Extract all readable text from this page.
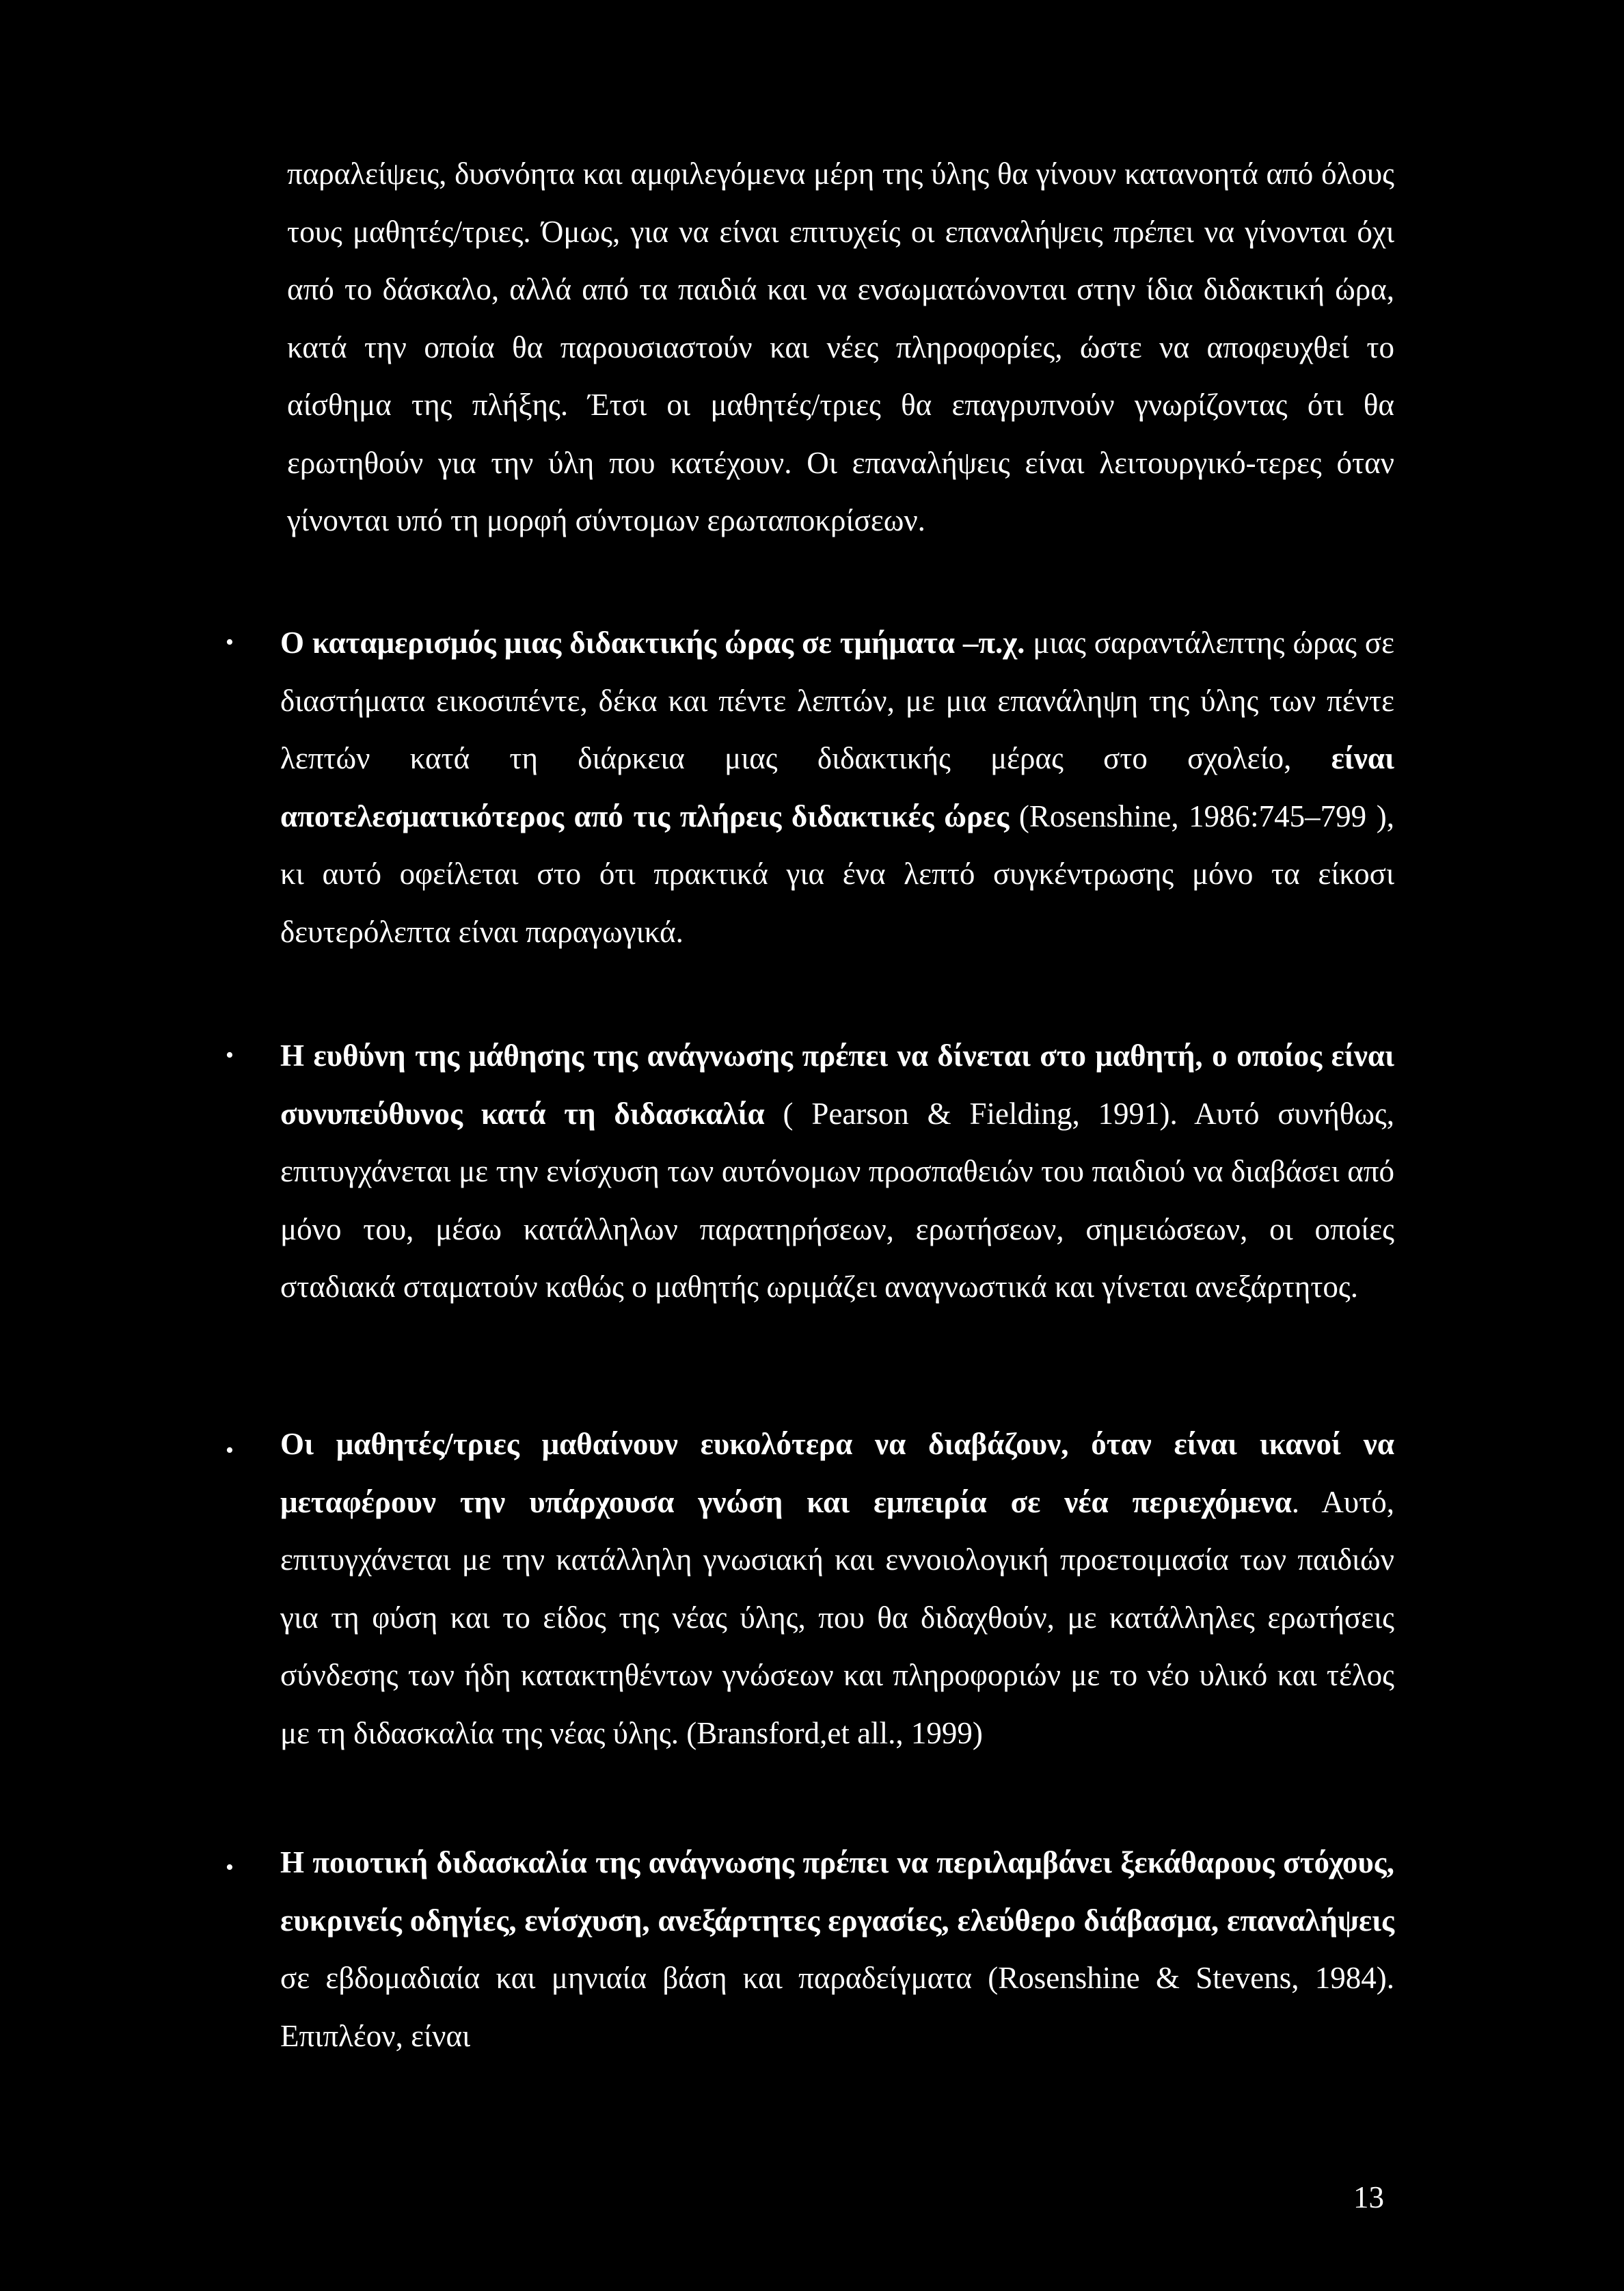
παραλείψεις, δυσνόητα και αμφιλεγόμενα μέρη της ύλης θα γίνουν κατανοητά από όλους τους μαθητές/τριες. Όμως, για να είναι επιτυχείς οι επαναλήψεις πρέπει να γίνονται όχι από το δάσκαλο, αλλά από τα παιδιά και να ενσωματώνονται στην ίδια διδακτική ώρα, κατά την οποία θα παρουσιαστούν και νέες πληροφορίες, ώστε να αποφευχθεί το αίσθημα της πλήξης. Έτσι οι μαθητές/τριες θα επαγρυπνούν γνωρίζοντας ότι θα ερωτηθούν για την ύλη που κατέχουν. Οι επαναλήψεις είναι λειτουργικό-τερες όταν γίνονται υπό τη μορφή σύντομων ερωταποκρίσεων.

• Ο καταμερισμός μιας διδακτικής ώρας σε τμήματα –π.χ. μιας σαραντάλεπτης ώρας σε διαστήματα εικοσιπέντε, δέκα και πέντε λεπτών, με μια επανάληψη της ύλης των πέντε λεπτών κατά τη διάρκεια μιας διδακτικής μέρας στο σχολείο, είναι αποτελεσματικότερος από τις πλήρεις διδακτικές ώρες (Rosenshine, 1986:745–799 ), κι αυτό οφείλεται στο ότι πρακτικά για ένα λεπτό συγκέντρωσης μόνο τα είκοσι δευτερόλεπτα είναι παραγωγικά.

• Η ευθύνη της μάθησης της ανάγνωσης πρέπει να δίνεται στο μαθητή, ο οποίος είναι συνυπεύθυνος κατά τη διδασκαλία ( Pearson & Fielding, 1991). Αυτό συνήθως, επιτυγχάνεται με την ενίσχυση των αυτόνομων προσπαθειών του παιδιού να διαβάσει από μόνο του, μέσω κατάλληλων παρατηρήσεων, ερωτήσεων, σημειώσεων, οι οποίες σταδιακά σταματούν καθώς ο μαθητής ωριμάζει αναγνωστικά και γίνεται ανεξάρτητος.

• Οι μαθητές/τριες μαθαίνουν ευκολότερα να διαβάζουν, όταν είναι ικανοί να μεταφέρουν την υπάρχουσα γνώση και εμπειρία σε νέα περιεχόμενα. Αυτό, επιτυγχάνεται με την κατάλληλη γνωσιακή και εννοιολογική προετοιμασία των παιδιών για τη φύση και το είδος της νέας ύλης, που θα διδαχθούν, με κατάλληλες ερωτήσεις σύνδεσης των ήδη κατακτηθέντων γνώσεων και πληροφοριών με το νέο υλικό και τέλος με τη διδασκαλία της νέας ύλης. (Bransford,et all., 1999)

• Η ποιοτική διδασκαλία της ανάγνωσης πρέπει να περιλαμβάνει ξεκάθαρους στόχους, ευκρινείς οδηγίες, ενίσχυση, ανεξάρτητες εργασίες, ελεύθερο διάβασμα, επαναλήψεις σε εβδομαδιαία και μηνιαία βάση και παραδείγματα (Rosenshine & Stevens, 1984). Επιπλέον, είναι

13
